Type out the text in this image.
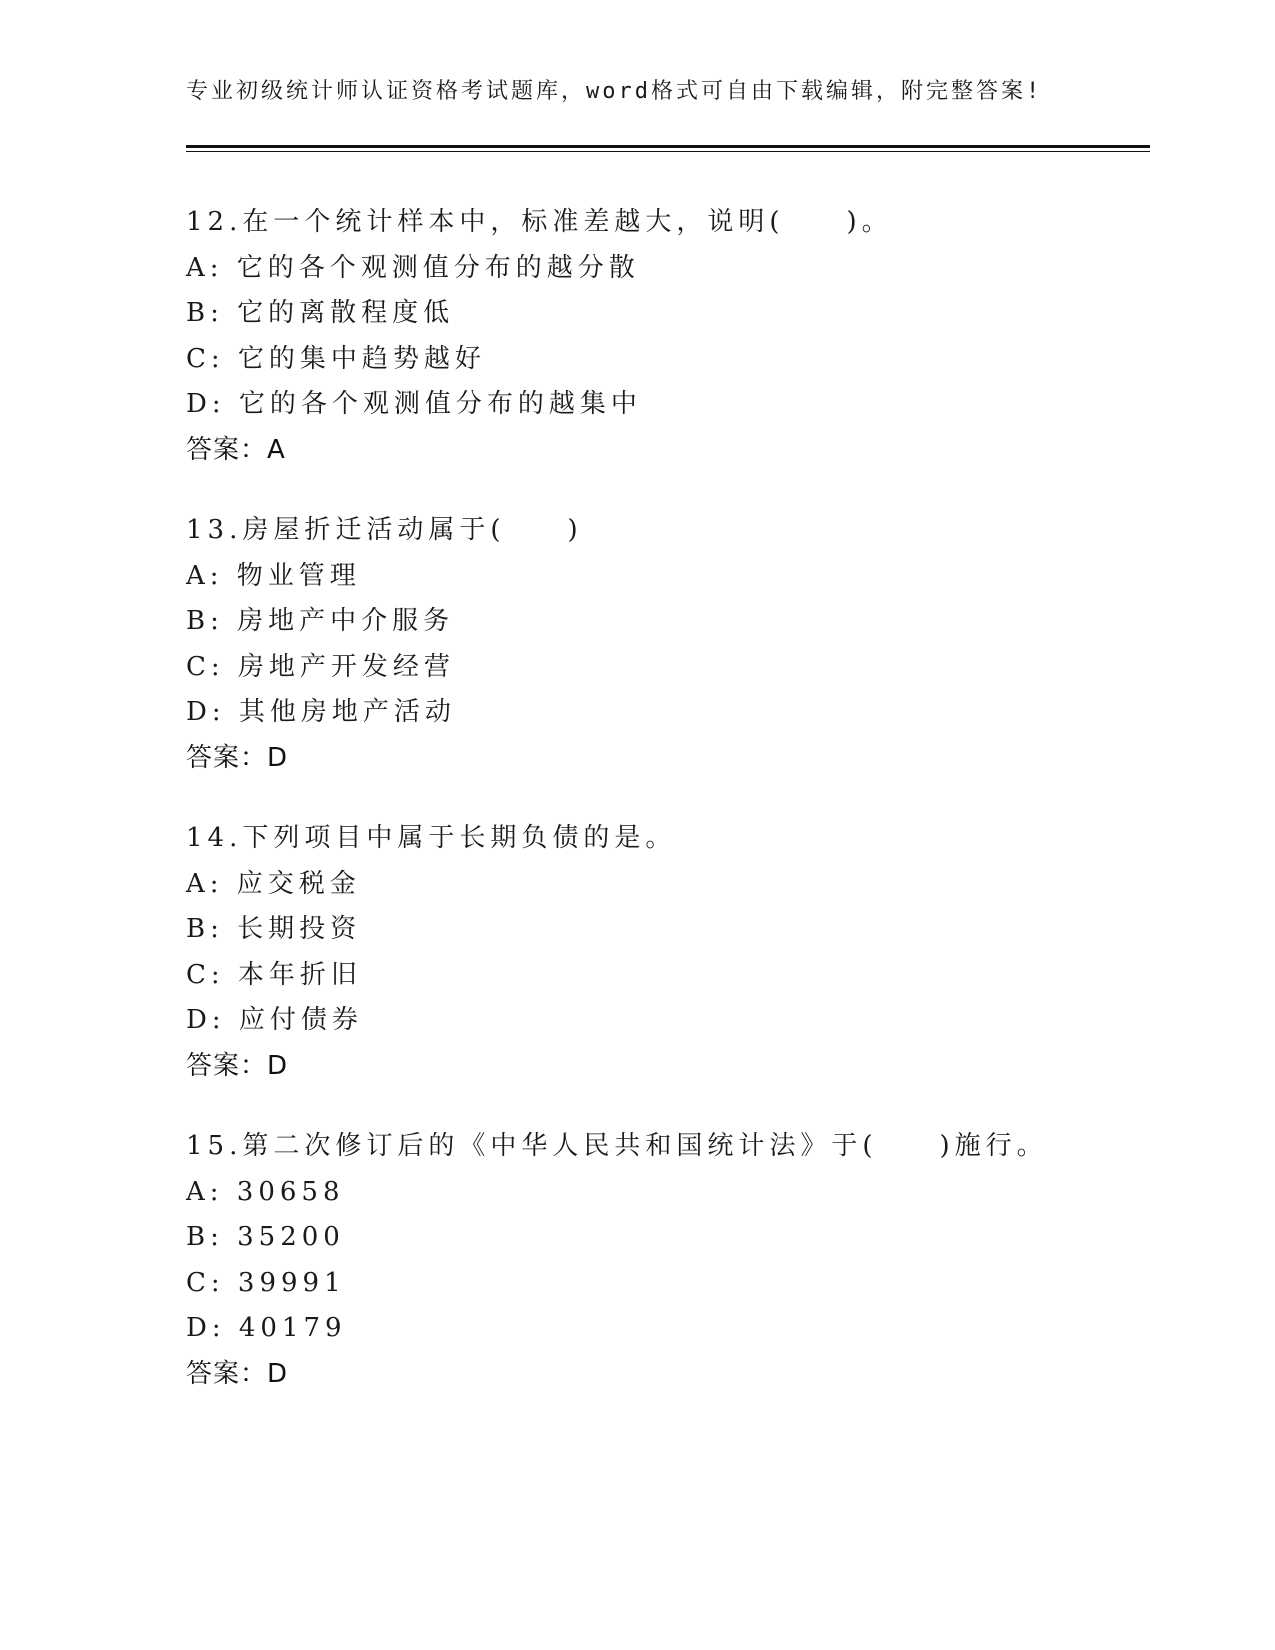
专业初级统计师认证资格考试题库，word格式可自由下载编辑，附完整答案!
12.在一个统计样本中，标准差越大，说明(　　)。
A: 它的各个观测值分布的越分散
B: 它的离散程度低
C: 它的集中趋势越好
D: 它的各个观测值分布的越集中
答案：A
13.房屋折迁活动属于(　　)
A: 物业管理
B: 房地产中介服务
C: 房地产开发经营
D: 其他房地产活动
答案：D
14.下列项目中属于长期负债的是。
A: 应交税金
B: 长期投资
C: 本年折旧
D: 应付债券
答案：D
15.第二次修订后的《中华人民共和国统计法》于(　　)施行。
A: 30658
B: 35200
C: 39991
D: 40179
答案：D
